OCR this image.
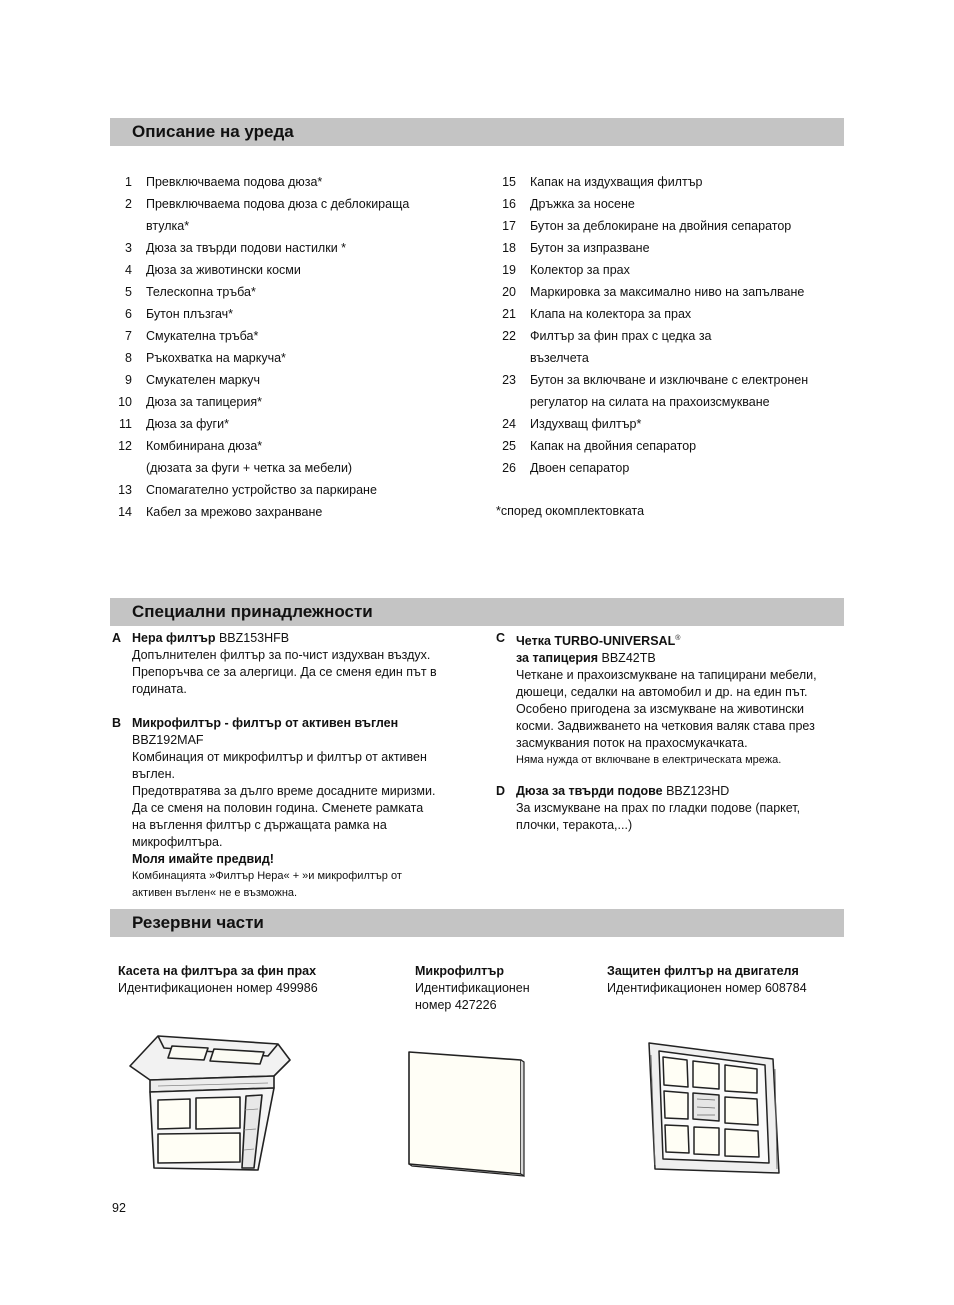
Описание на уреда
1 Превключваема подова дюза*
2 Превключваема подова дюза с деблокираща
втулка*
3 Дюза за твърди подови настилки *
4 Дюза за животински косми
5 Телескопна тръба*
6 Бутон плъзгач*
7 Смукателна тръба*
8 Ръкохватка на маркуча*
9 Смукателен маркуч
10 Дюза за тапицерия*
11 Дюза за фуги*
12 Комбинирана дюза*
(дюзата за фуги + четка за мебели)
13 Спомагателно устройство за паркиране
14 Кабел за мрежово захранване
15 Капак на издухващия филтър
16 Дръжка за носене
17 Бутон за деблокиране на двойния сепаратор
18 Бутон за изпразване
19 Колектор за прах
20 Маркировка за максимално ниво на запълване
21 Клапа на колектора за прах
22 Филтър за фин прах с цедка за
възелчета
23 Бутон за включване и изключване с електронен
регулатор на силата на прахоизсмукване
24 Издухващ филтър*
25 Капак на двойния сепаратор
26 Двоен сепаратор
*според окомплектовката
Специални принадлежности
A Hepa филтър BBZ153HFB

Допълнителен филтър за по-чист издухван въздух.

Препоръчва се за алергици. Да се сменя един път в

годината.

B Микрофилтър - филтър от активен въглен

BBZ192MAF

Комбинация от микрофилтър и филтър от активен

въглен.

Предотвратява за дълго време досадните миризми.

Да се сменя на половин година. Сменете рамката

на въглення филтър с държащата рамка на

микрофилтъра.

Моля имайте предвид!

Комбинацията »Филтър Hepa« + »и микрофилтър от

активен въглен« не е възможна.

C Четка TURBO-UNIVERSAL®

за тапицерия BBZ42TB

Четкане и прахоизсмукване на тапицирани мебели,

дюшеци, седалки на автомобил и др. на един път.

Особено пригодена за изсмукване на животински

косми. Задвижването на четковия валяк става през

засмуквания поток на прахосмукачката.

Няма нужда от включване в електрическата мрежа.

D Дюза за твърди подове BBZ123HD

За изсмукване на прах по гладки подове (паркет,

плочки, теракота,...)

Резервни части

Касета на филтъра за фин прах

Идентификационен номер 499986

Микрофилтър

Идентификационен

номер 427226

Защитен филтър на двигателя

Идентификационен номер 608784

92
